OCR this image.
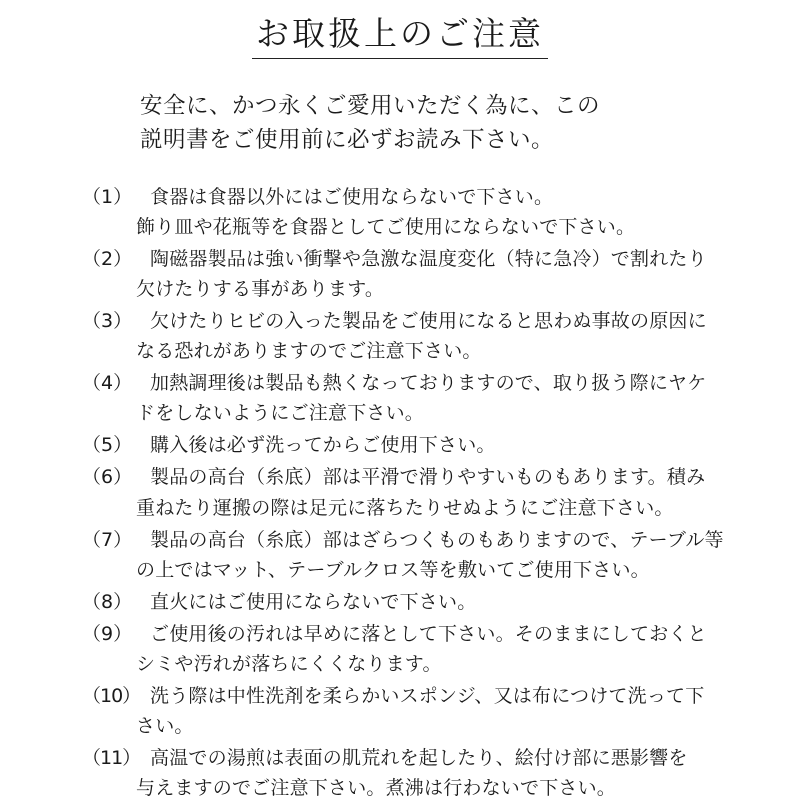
お取扱上のご注意
安全に、かつ永くご愛用いただく為に、この
説明書をご使用前に必ずお読み下さい。
（1） 食器は食器以外にはご使用ならないで下さい。
飾り皿や花瓶等を食器としてご使用にならないで下さい。
（2） 陶磁器製品は強い衝撃や急激な温度変化（特に急冷）で割れたり
欠けたりする事があります。
（3） 欠けたりヒビの入った製品をご使用になると思わぬ事故の原因に
なる恐れがありますのでご注意下さい。
（4） 加熱調理後は製品も熱くなっておりますので、取り扱う際にヤケ
ドをしないようにご注意下さい。
（5） 購入後は必ず洗ってからご使用下さい。
（6） 製品の高台（糸底）部は平滑で滑りやすいものもあります。積み
重ねたり運搬の際は足元に落ちたりせぬようにご注意下さい。
（7） 製品の高台（糸底）部はざらつくものもありますので、テーブル等
の上ではマット、テーブルクロス等を敷いてご使用下さい。
（8） 直火にはご使用にならないで下さい。
（9） ご使用後の汚れは早めに落として下さい。そのままにしておくと
シミや汚れが落ちにくくなります。
（10） 洗う際は中性洗剤を柔らかいスポンジ、又は布につけて洗って下
さい。
（11） 高温での湯煎は表面の肌荒れを起したり、絵付け部に悪影響を
与えますのでご注意下さい。煮沸は行わないで下さい。
